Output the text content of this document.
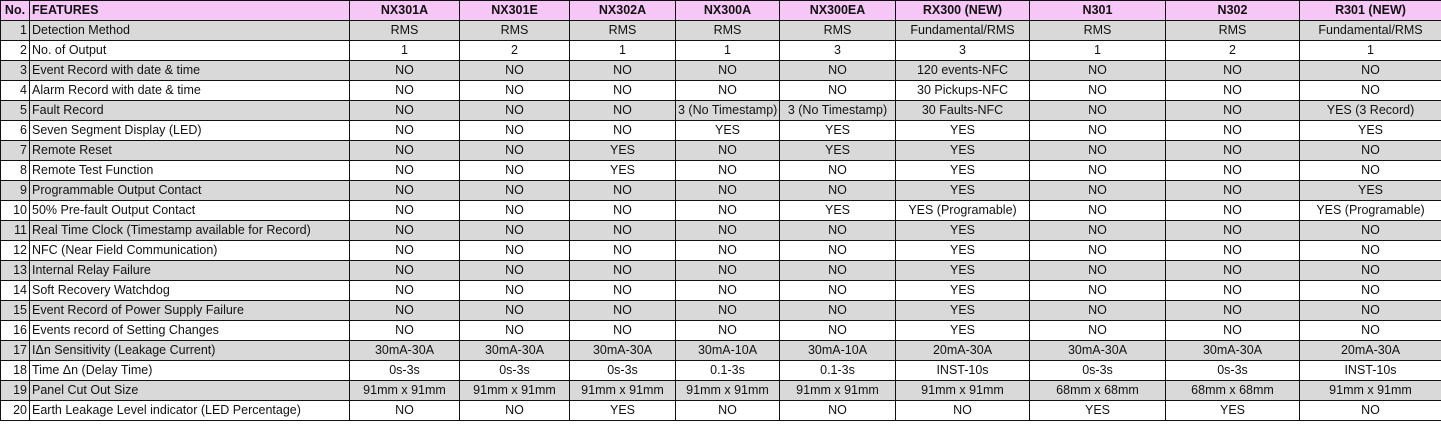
No.	FEATURES	NX301A	NX301E	NX302A	NX300A	NX300EA	RX300 (NEW)	N301	N302	R301 (NEW)
1	Detection Method	RMS	RMS	RMS	RMS	RMS	Fundamental/RMS	RMS	RMS	Fundamental/RMS
2	No. of Output	1	2	1	1	3	3	1	2	1
3	Event Record with date & time	NO	NO	NO	NO	NO	120 events-NFC	NO	NO	NO
4	Alarm Record with date & time	NO	NO	NO	NO	NO	30 Pickups-NFC	NO	NO	NO
5	Fault Record	NO	NO	NO	3 (No Timestamp)	3 (No Timestamp)	30 Faults-NFC	NO	NO	YES (3 Record)
6	Seven Segment Display (LED)	NO	NO	NO	YES	YES	YES	NO	NO	YES
7	Remote Reset	NO	NO	YES	NO	YES	YES	NO	NO	NO
8	Remote Test Function	NO	NO	YES	NO	NO	YES	NO	NO	NO
9	Programmable Output Contact	NO	NO	NO	NO	NO	YES	NO	NO	YES
10	50% Pre-fault Output Contact	NO	NO	NO	NO	YES	YES (Programable)	NO	NO	YES (Programable)
11	Real Time Clock (Timestamp available for Record)	NO	NO	NO	NO	NO	YES	NO	NO	NO
12	NFC (Near Field Communication)	NO	NO	NO	NO	NO	YES	NO	NO	NO
13	Internal Relay Failure	NO	NO	NO	NO	NO	YES	NO	NO	NO
14	Soft Recovery Watchdog	NO	NO	NO	NO	NO	YES	NO	NO	NO
15	Event Record of Power Supply Failure	NO	NO	NO	NO	NO	YES	NO	NO	NO
16	Events record of Setting Changes	NO	NO	NO	NO	NO	YES	NO	NO	NO
17	IΔn Sensitivity (Leakage Current)	30mA-30A	30mA-30A	30mA-30A	30mA-10A	30mA-10A	20mA-30A	30mA-30A	30mA-30A	20mA-30A
18	Time Δn (Delay Time)	0s-3s	0s-3s	0s-3s	0.1-3s	0.1-3s	INST-10s	0s-3s	0s-3s	INST-10s
19	Panel Cut Out Size	91mm x 91mm	91mm x 91mm	91mm x 91mm	91mm x 91mm	91mm x 91mm	91mm x 91mm	68mm x 68mm	68mm x 68mm	91mm x 91mm
20	Earth Leakage Level indicator (LED Percentage)	NO	NO	YES	NO	NO	NO	YES	YES	NO
